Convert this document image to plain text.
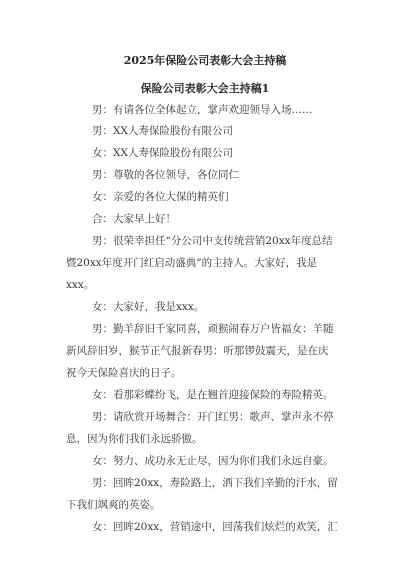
2025年保险公司表彰大会主持稿
保险公司表彰大会主持稿1
男：有请各位全体起立，掌声欢迎领导入场……
男：XX人寿保险股份有限公司
女：XX人寿保险股份有限公司
男：尊敬的各位领导，各位同仁
女：亲爱的各位大保的精英们
合：大家早上好！
男：很荣幸担任“分公司中支传统营销20xx年度总结
暨20xx年度开门红启动盛典”的主持人。大家好，我是
xxx。
女：大家好，我是xxx。
男：勤羊辞旧千家同喜，顽猴闹春万户皆福女：羊随
新风辞旧岁，猴节正气报新春男：听那锣鼓震天，是在庆
祝今天保险喜庆的日子。
女：看那彩蝶纷飞，是在翘首迎接保险的寿险精英。
男：请欣赏开场舞合：开门红男：歌声、掌声永不停
息，因为你们我们永远骄傲。
女：努力、成功永无止尽，因为你们我们永远自豪。
男：回眸20xx，寿险路上，洒下我们辛勤的汗水，留
下我们飒爽的英姿。
女：回眸20xx，营销途中，回荡我们炫烂的欢笑，汇
